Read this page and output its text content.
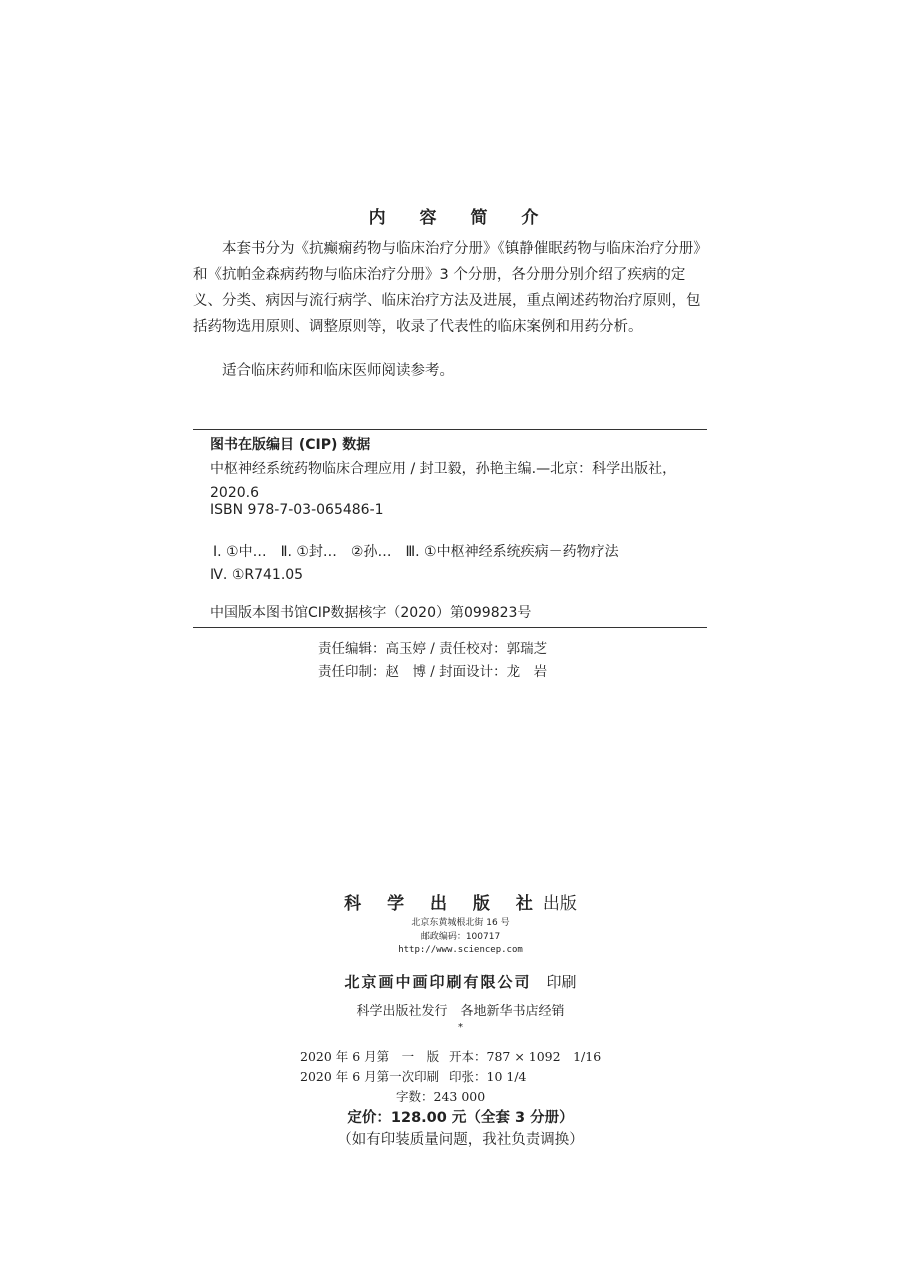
内 容 简 介
本套书分为《抗癫痫药物与临床治疗分册》《镇静催眠药物与临床治疗分册》和《抗帕金森病药物与临床治疗分册》3 个分册，各分册分别介绍了疾病的定义、分类、病因与流行病学、临床治疗方法及进展，重点阐述药物治疗原则，包括药物选用原则、调整原则等，收录了代表性的临床案例和用药分析。
适合临床药师和临床医师阅读参考。
图书在版编目 (CIP) 数据
中枢神经系统药物临床合理应用 / 封卫毅，孙艳主编.—北京：科学出版社，2020.6
ISBN 978-7-03-065486-1
Ⅰ. ①中…　Ⅱ. ①封…　②孙…　Ⅲ. ①中枢神经系统疾病－药物疗法
Ⅳ. ①R741.05
中国版本图书馆CIP数据核字（2020）第099823号
责任编辑：高玉婷 / 责任校对：郭瑞芝
责任印制：赵　博 / 封面设计：龙　岩
科 学 出 版 社出版
北京东黄城根北街 16 号
邮政编码：100717
http://www.sciencep.com
北京画中画印刷有限公司　 印刷
科学出版社发行　各地新华书店经销
*
2020 年 6 月第　一　版 开本：787 × 1092　1/16
2020 年 6 月第一次印刷 印张：10 1/4
字数：243 000
定价：128.00 元（全套 3 分册）
（如有印装质量问题，我社负责调换）
